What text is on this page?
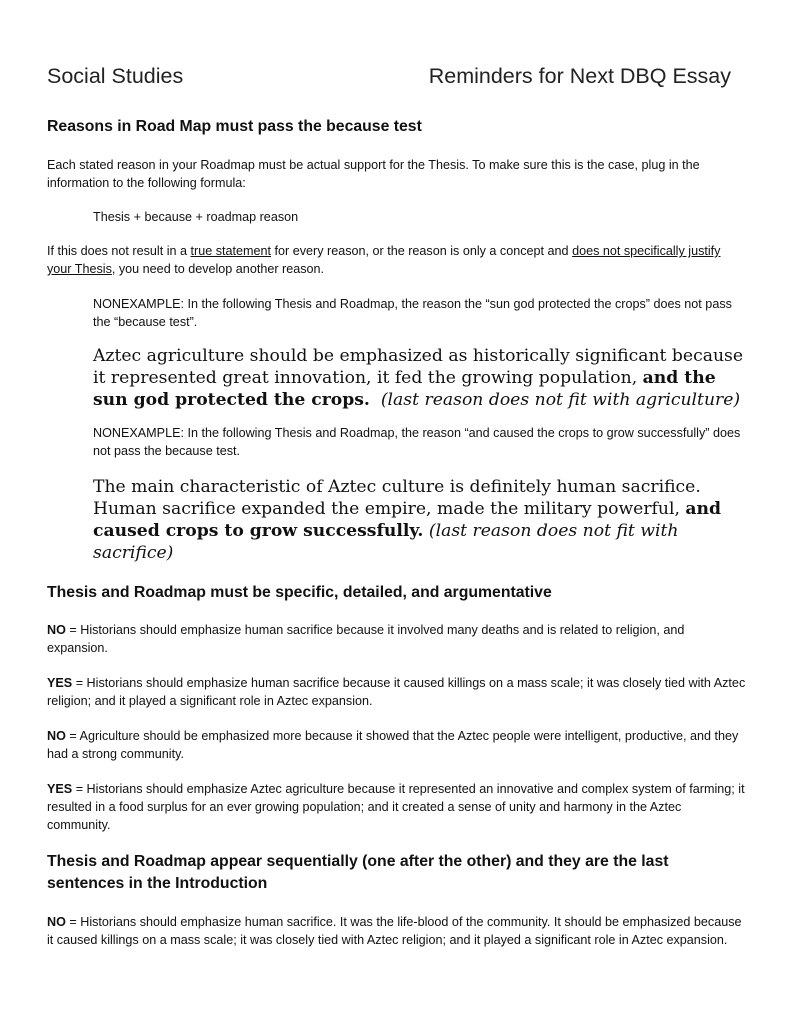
Social Studies	Reminders for Next DBQ Essay
Reasons in Road Map must pass the because test

Each stated reason in your Roadmap must be actual support for the Thesis. To make sure this is the case, plug in the information to the following formula:

Thesis + because + roadmap reason

If this does not result in a true statement for every reason, or the reason is only a concept and does not specifically justify your Thesis, you need to develop another reason.

NONEXAMPLE: In the following Thesis and Roadmap, the reason the “sun god protected the crops” does not pass the “because test”.

Aztec agriculture should be emphasized as historically significant because it represented great innovation, it fed the growing population, and the sun god protected the crops. (last reason does not fit with agriculture)

NONEXAMPLE: In the following Thesis and Roadmap, the reason “and caused the crops to grow successfully” does not pass the because test.

The main characteristic of Aztec culture is definitely human sacrifice. Human sacrifice expanded the empire, made the military powerful, and caused crops to grow successfully. (last reason does not fit with sacrifice)

Thesis and Roadmap must be specific, detailed, and argumentative

NO = Historians should emphasize human sacrifice because it involved many deaths and is related to religion, and expansion.

YES = Historians should emphasize human sacrifice because it caused killings on a mass scale; it was closely tied with Aztec religion; and it played a significant role in Aztec expansion.

NO = Agriculture should be emphasized more because it showed that the Aztec people were intelligent, productive, and they had a strong community.

YES = Historians should emphasize Aztec agriculture because it represented an innovative and complex system of farming; it resulted in a food surplus for an ever growing population; and it created a sense of unity and harmony in the Aztec community.

Thesis and Roadmap appear sequentially (one after the other) and they are the last sentences in the Introduction

NO = Historians should emphasize human sacrifice. It was the life-blood of the community. It should be emphasized because it caused killings on a mass scale; it was closely tied with Aztec religion; and it played a significant role in Aztec expansion.
